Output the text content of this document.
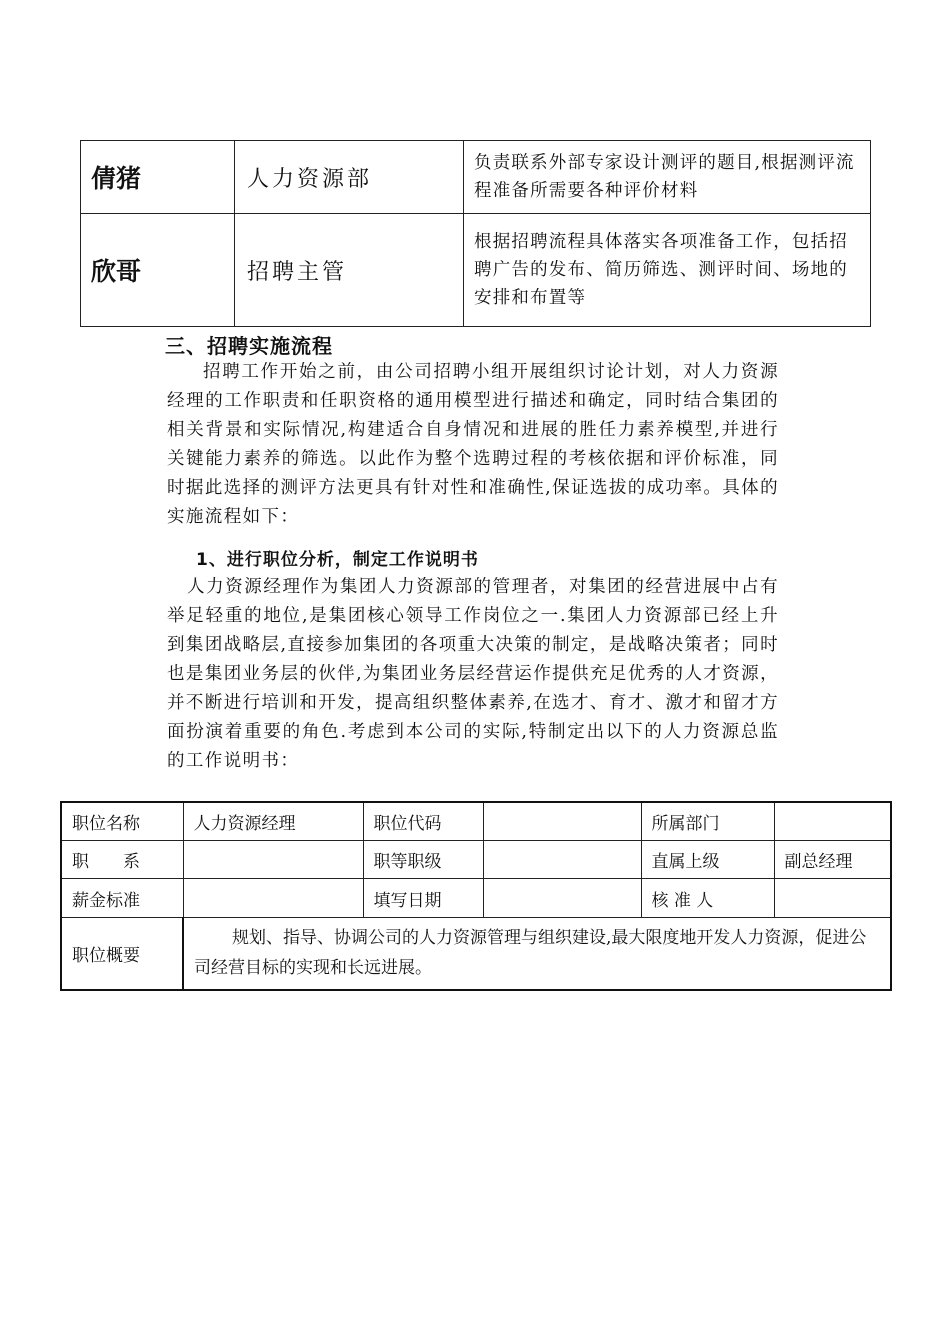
倩猪	人力资源部	负责联系外部专家设计测评的题目,根据测评流程准备所需要各种评价材料
欣哥	招聘主管	根据招聘流程具体落实各项准备工作，包括招聘广告的发布、简历筛选、测评时间、场地的安排和布置等
三、招聘实施流程
招聘工作开始之前，由公司招聘小组开展组织讨论计划，对人力资源经理的工作职责和任职资格的通用模型进行描述和确定，同时结合集团的相关背景和实际情况,构建适合自身情况和进展的胜任力素养模型,并进行关键能力素养的筛选。以此作为整个选聘过程的考核依据和评价标准，同时据此选择的测评方法更具有针对性和准确性,保证选拔的成功率。具体的实施流程如下：
1、进行职位分析，制定工作说明书
人力资源经理作为集团人力资源部的管理者，对集团的经营进展中占有举足轻重的地位,是集团核心领导工作岗位之一.集团人力资源部已经上升到集团战略层,直接参加集团的各项重大决策的制定，是战略决策者；同时也是集团业务层的伙伴,为集团业务层经营运作提供充足优秀的人才资源，并不断进行培训和开发，提高组织整体素养,在选才、育才、激才和留才方面扮演着重要的角色.考虑到本公司的实际,特制定出以下的人力资源总监的工作说明书：
职位名称	人力资源经理	职位代码		所属部门	
职　　系		职等职级		直属上级	副总经理
薪金标准		填写日期		核 准 人	
职位概要	规划、指导、协调公司的人力资源管理与组织建设,最大限度地开发人力资源，促进公司经营目标的实现和长远进展。				
